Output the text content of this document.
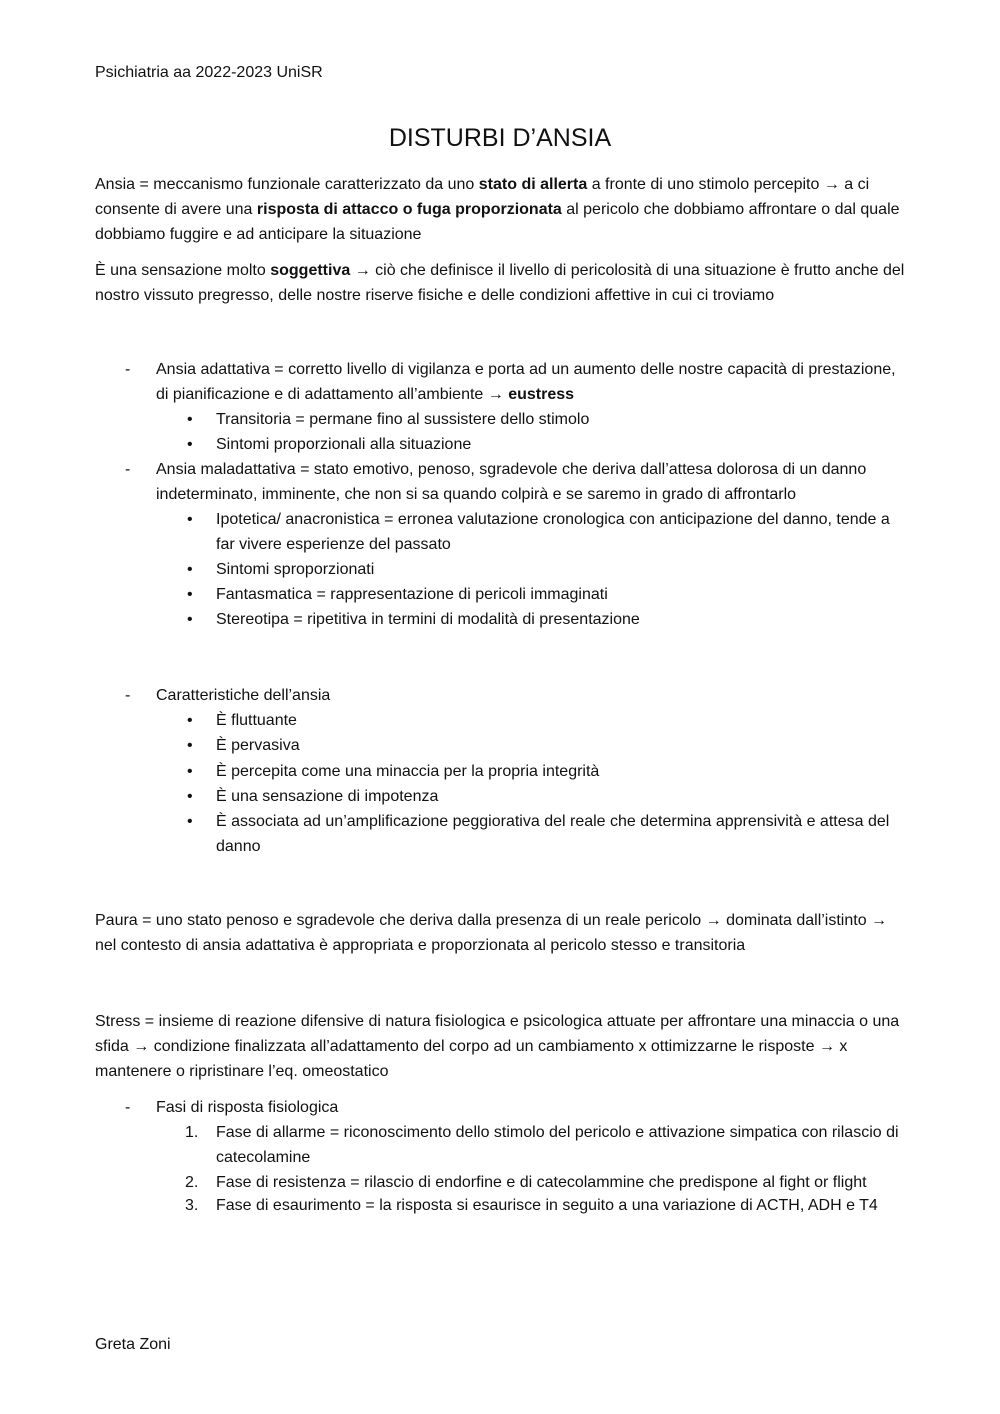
Psichiatria aa 2022-2023 UniSR
DISTURBI D’ANSIA

Ansia = meccanismo funzionale caratterizzato da uno stato di allerta a fronte di uno stimolo percepito → a ci consente di avere una risposta di attacco o fuga proporzionata al pericolo che dobbiamo affrontare o dal quale dobbiamo fuggire e ad anticipare la situazione

È una sensazione molto soggettiva → ciò che definisce il livello di pericolosità di una situazione è frutto anche del nostro vissuto pregresso, delle nostre riserve fisiche e delle condizioni affettive in cui ci troviamo

- Ansia adattativa = corretto livello di vigilanza e porta ad un aumento delle nostre capacità di prestazione, di pianificazione e di adattamento all’ambiente → eustress
•	Transitoria = permane fino al sussistere dello stimolo
•	Sintomi proporzionali alla situazione
- Ansia maladattativa = stato emotivo, penoso, sgradevole che deriva dall’attesa dolorosa di un danno indeterminato, imminente, che non si sa quando colpirà e se saremo in grado di affrontarlo
•	Ipotetica/ anacronistica = erronea valutazione cronologica con anticipazione del danno, tende a far vivere esperienze del passato
•	Sintomi sproporzionati
•	Fantasmatica = rappresentazione di pericoli immaginati
•	Stereotipa = ripetitiva in termini di modalità di presentazione
- Caratteristiche dell’ansia
•	È fluttuante
•	È pervasiva
•	È percepita come una minaccia per la propria integrità
•	È una sensazione di impotenza
•	È associata ad un’amplificazione peggiorativa del reale che determina apprensività e attesa del danno

Paura = uno stato penoso e sgradevole che deriva dalla presenza di un reale pericolo → dominata dall’istinto → nel contesto di ansia adattativa è appropriata e proporzionata al pericolo stesso e transitoria

Stress = insieme di reazione difensive di natura fisiologica e psicologica attuate per affrontare una minaccia o una sfida → condizione finalizzata all’adattamento del corpo ad un cambiamento x ottimizzarne le risposte → x mantenere o ripristinare l’eq. omeostatico

- Fasi di risposta fisiologica
1. Fase di allarme = riconoscimento dello stimolo del pericolo e attivazione simpatica con rilascio di catecolamine
2. Fase di resistenza = rilascio di endorfine e di catecolammine che predispone al fight or flight
3. Fase di esaurimento = la risposta si esaurisce in seguito a una variazione di ACTH, ADH e T4
Greta Zoni
